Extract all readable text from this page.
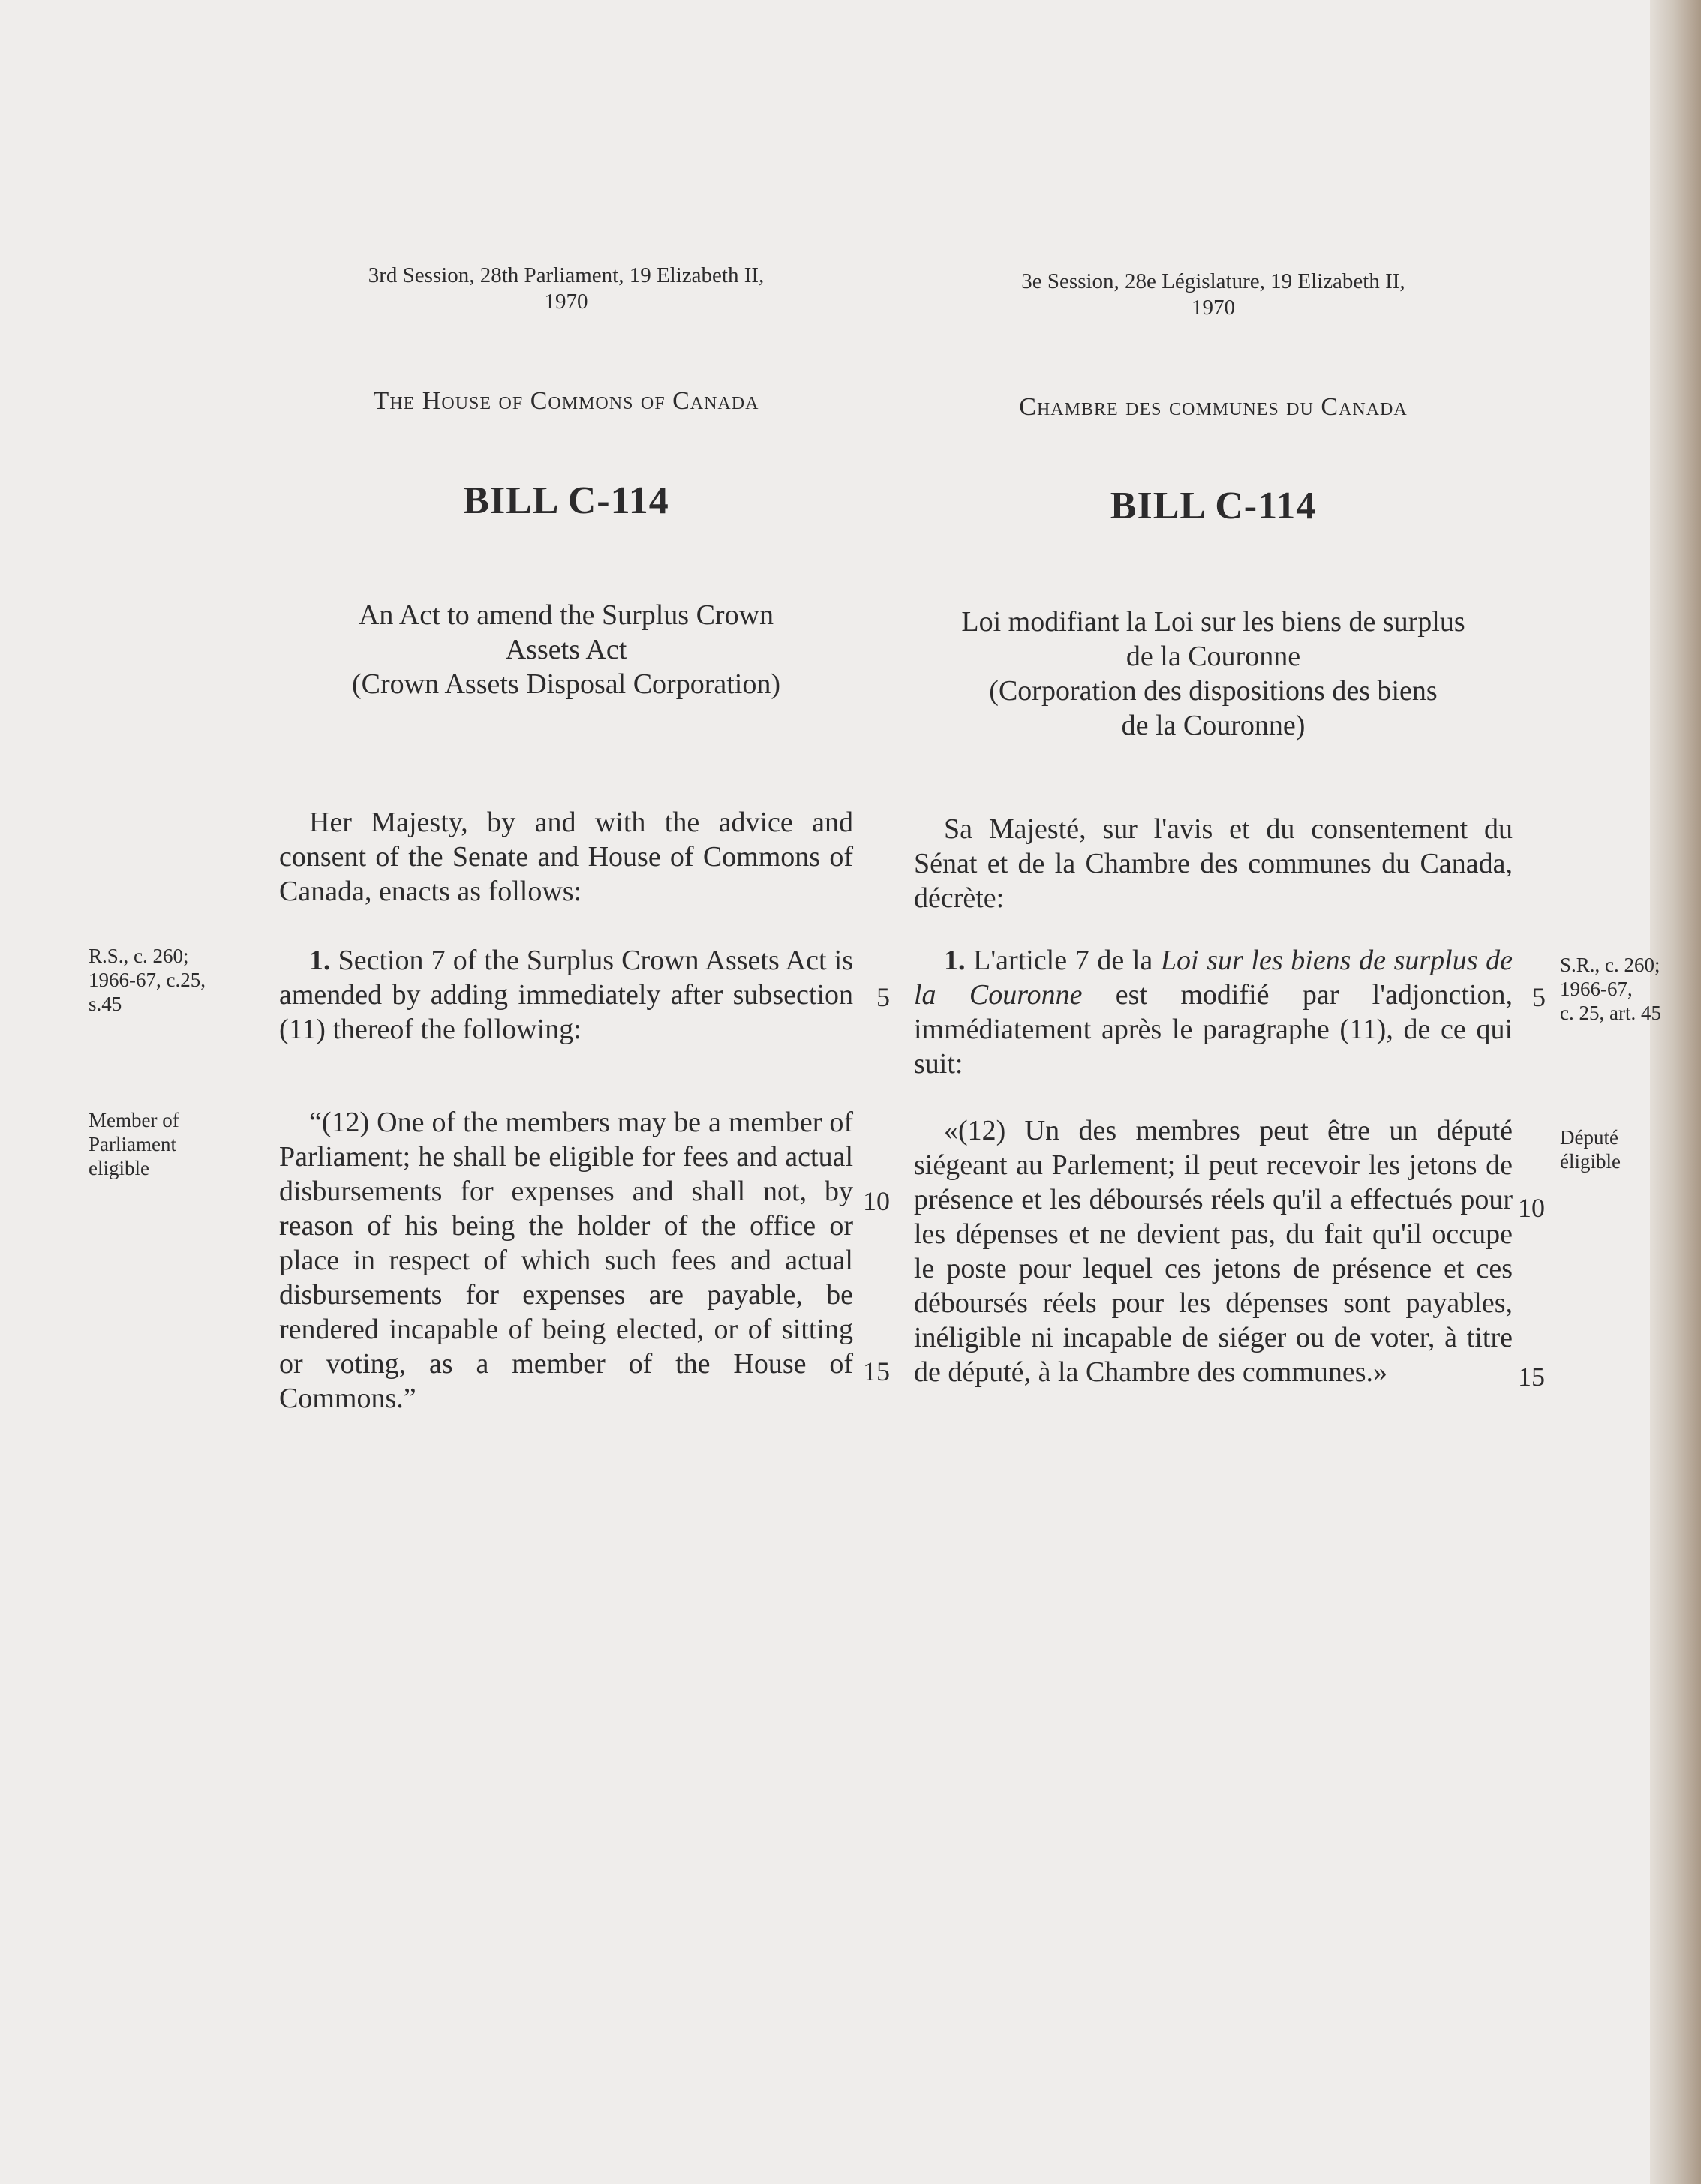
3rd Session, 28th Parliament, 19 Elizabeth II,
1970
The House of Commons of Canada
BILL C-114
An Act to amend the Surplus Crown
Assets Act
(Crown Assets Disposal Corporation)

Her Majesty, by and with the advice and consent of the Senate and House of Commons of Canada, enacts as follows:

1. Section 7 of the Surplus Crown Assets Act is amended by adding immediately after subsection (11) thereof the following:

“(12) One of the members may be a member of Parliament; he shall be eligible for fees and actual disbursements for expenses and shall not, by reason of his being the holder of the office or place in respect of which such fees and actual disbursements for expenses are payable, be rendered incapable of being elected, or of sitting or voting, as a member of the House of Commons.”

R.S., c. 260;
1966-67, c.25,
s.45
Member of
Parliament
eligible
5
10
15
3e Session, 28e Législature, 19 Elizabeth II,
1970
Chambre des communes du Canada
BILL C-114
Loi modifiant la Loi sur les biens de surplus
de la Couronne
(Corporation des dispositions des biens
de la Couronne)

Sa Majesté, sur l'avis et du consentement du Sénat et de la Chambre des communes du Canada, décrète:

1. L'article 7 de la Loi sur les biens de surplus de la Couronne est modifié par l'adjonction, immédiatement après le paragraphe (11), de ce qui suit:

«(12) Un des membres peut être un député siégeant au Parlement; il peut recevoir les jetons de présence et les déboursés réels qu'il a effectués pour les dépenses et ne devient pas, du fait qu'il occupe le poste pour lequel ces jetons de présence et ces déboursés réels pour les dépenses sont payables, inéligible ni incapable de siéger ou de voter, à titre de député, à la Chambre des communes.»

S.R., c. 260;
1966-67,
c. 25, art. 45
Député
éligible
5
10
15
